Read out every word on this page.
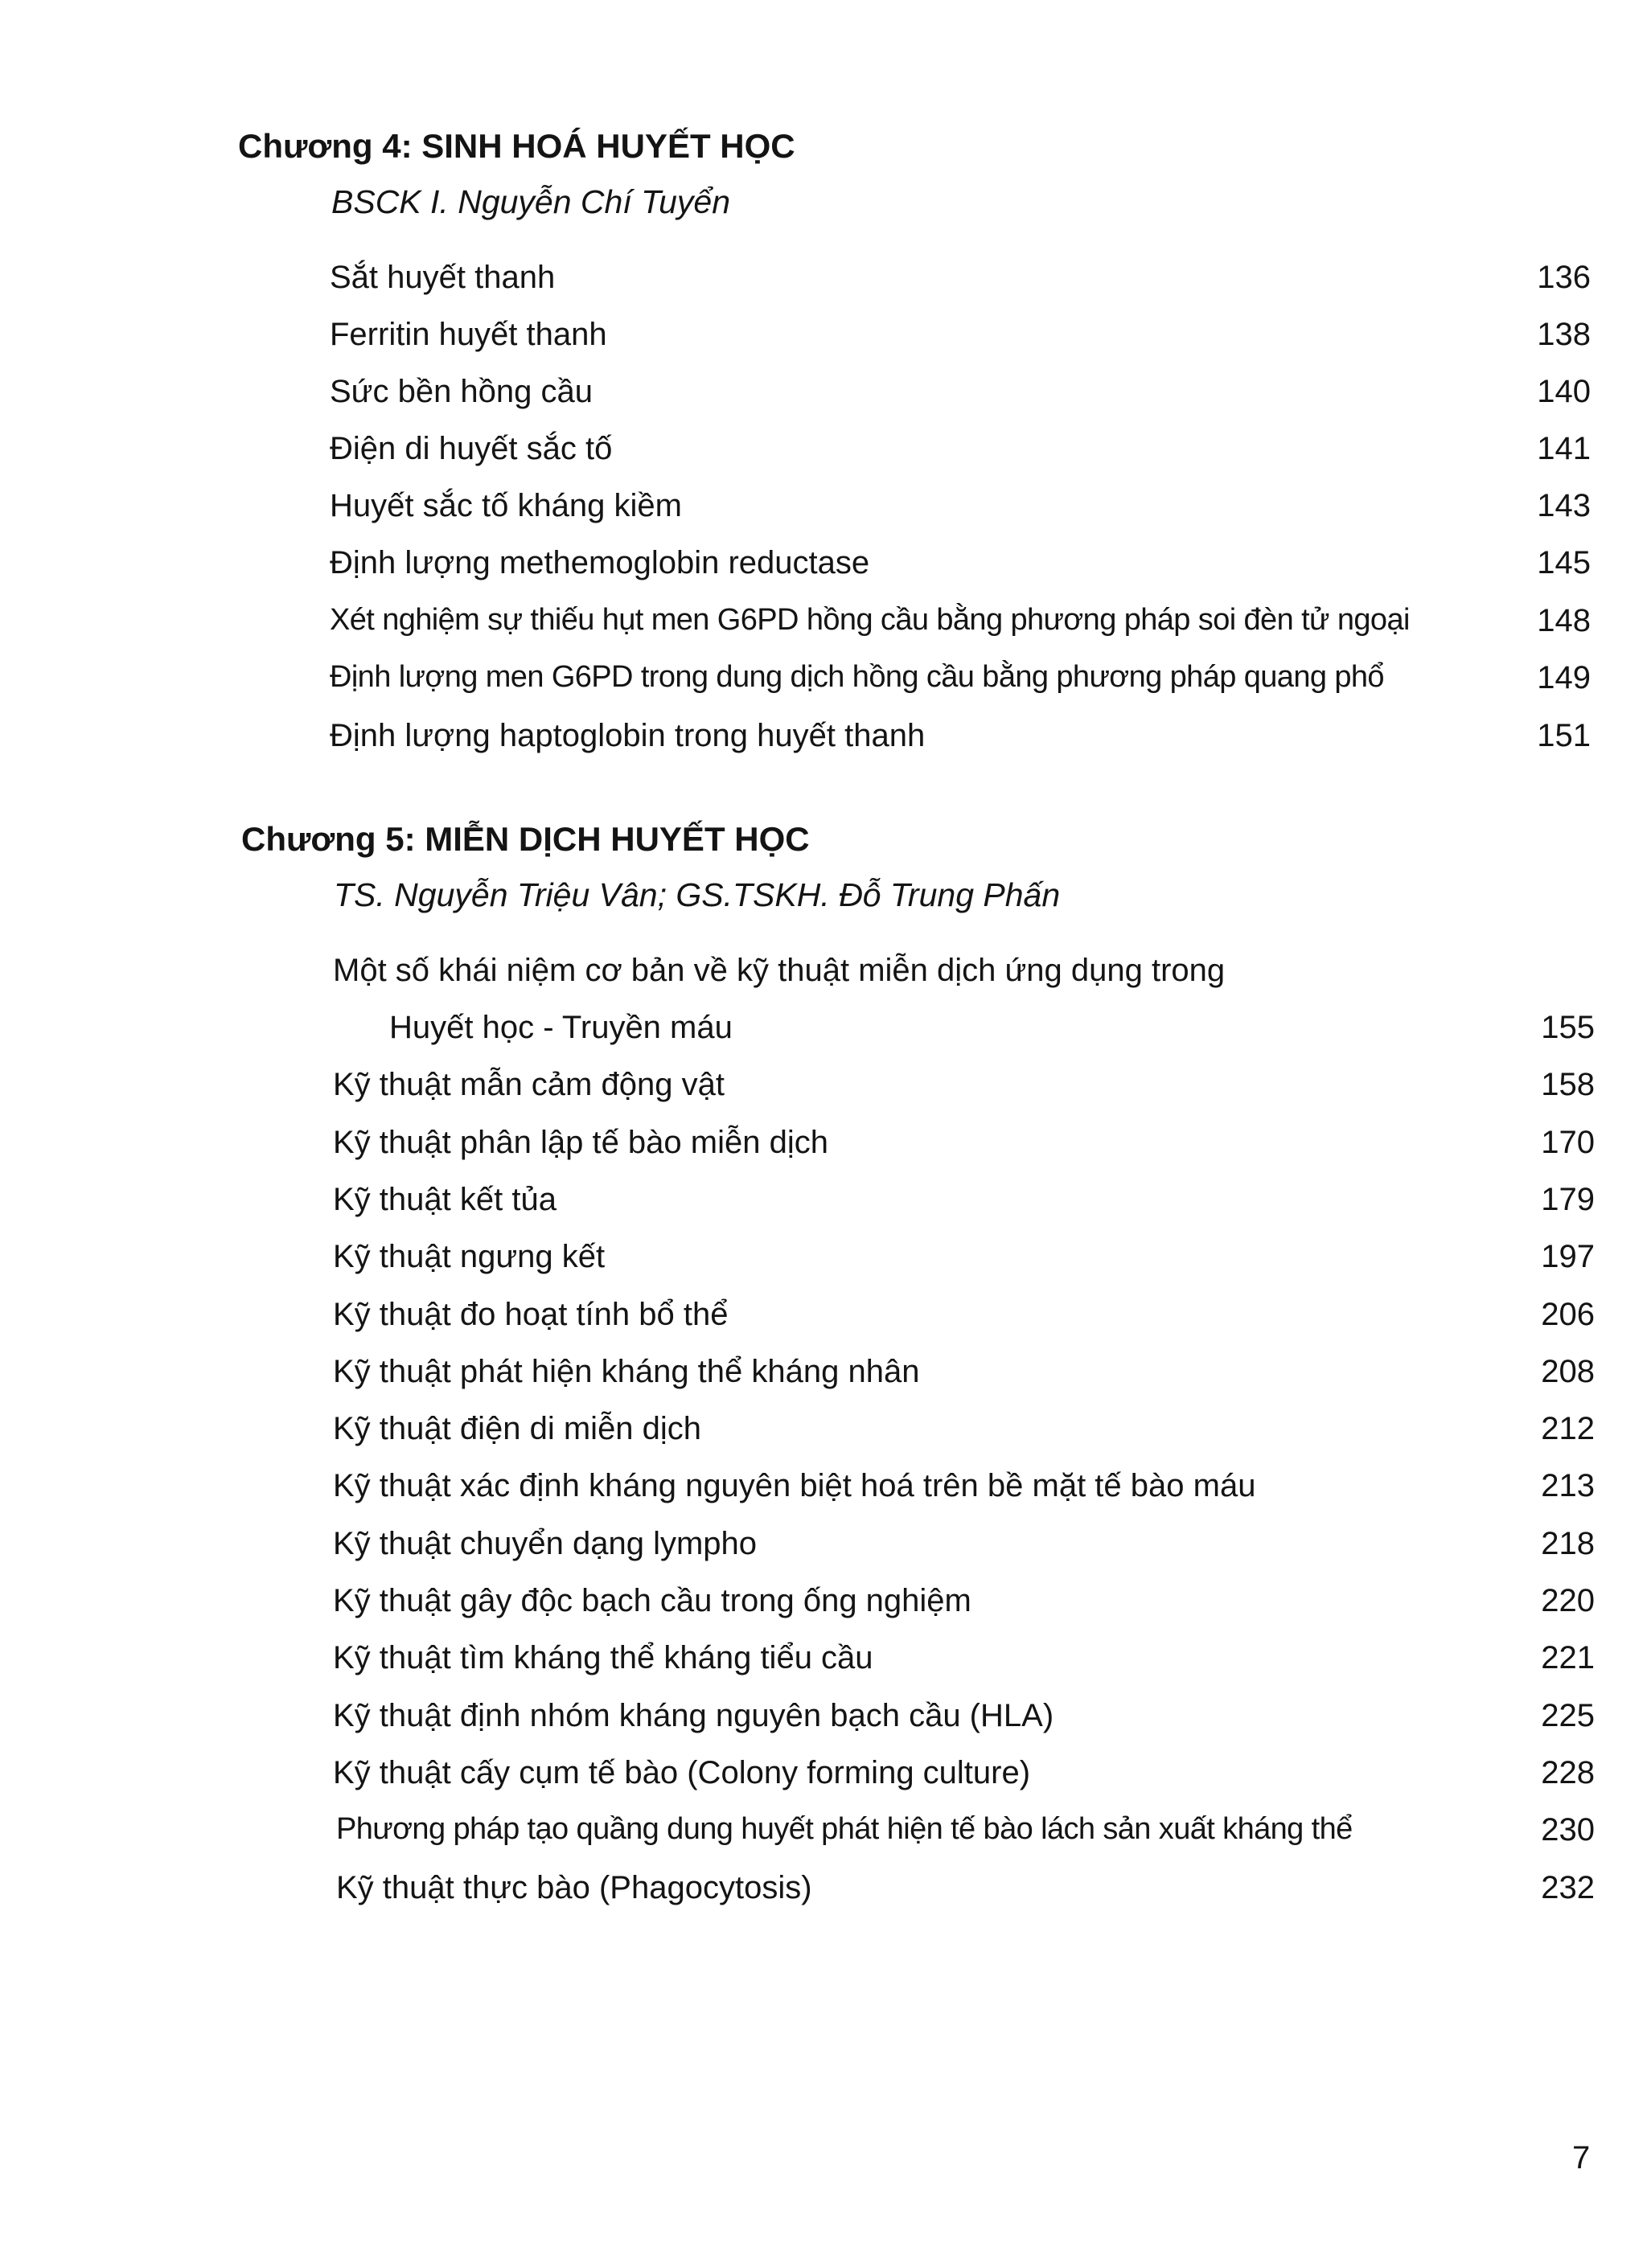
Chương 4: SINH HOÁ HUYẾT HỌC
BSCK I. Nguyễn Chí Tuyển
Sắt huyết thanh	136
Ferritin huyết thanh	138
Sức bền hồng cầu	140
Điện di huyết sắc tố	141
Huyết sắc tố kháng kiềm	143
Định lượng methemoglobin reductase	145
Xét nghiệm sự thiếu hụt men G6PD hồng cầu bằng phương pháp soi đèn tử ngoại	148
Định lượng men G6PD trong dung dịch hồng cầu bằng phương pháp quang phổ	149
Định lượng haptoglobin trong huyết thanh	151
Chương 5: MIỄN DỊCH HUYẾT HỌC
TS. Nguyễn Triệu Vân; GS.TSKH. Đỗ Trung Phấn
Một số khái niệm cơ bản về kỹ thuật miễn dịch ứng dụng trong
Huyết học - Truyền máu	155
Kỹ thuật mẫn cảm động vật	158
Kỹ thuật phân lập tế bào miễn dịch	170
Kỹ thuật kết tủa	179
Kỹ thuật ngưng kết	197
Kỹ thuật đo hoạt tính bổ thể	206
Kỹ thuật phát hiện kháng thể kháng nhân	208
Kỹ thuật điện di miễn dịch	212
Kỹ thuật xác định kháng nguyên biệt hoá trên bề mặt tế bào máu	213
Kỹ thuật chuyển dạng lympho	218
Kỹ thuật gây độc bạch cầu trong ống nghiệm	220
Kỹ thuật tìm kháng thể kháng tiểu cầu	221
Kỹ thuật định nhóm kháng nguyên bạch cầu (HLA)	225
Kỹ thuật cấy cụm tế bào (Colony forming culture)	228
Phương pháp tạo quầng dung huyết phát hiện tế bào lách sản xuất kháng thể	230
Kỹ thuật thực bào (Phagocytosis)	232
7
